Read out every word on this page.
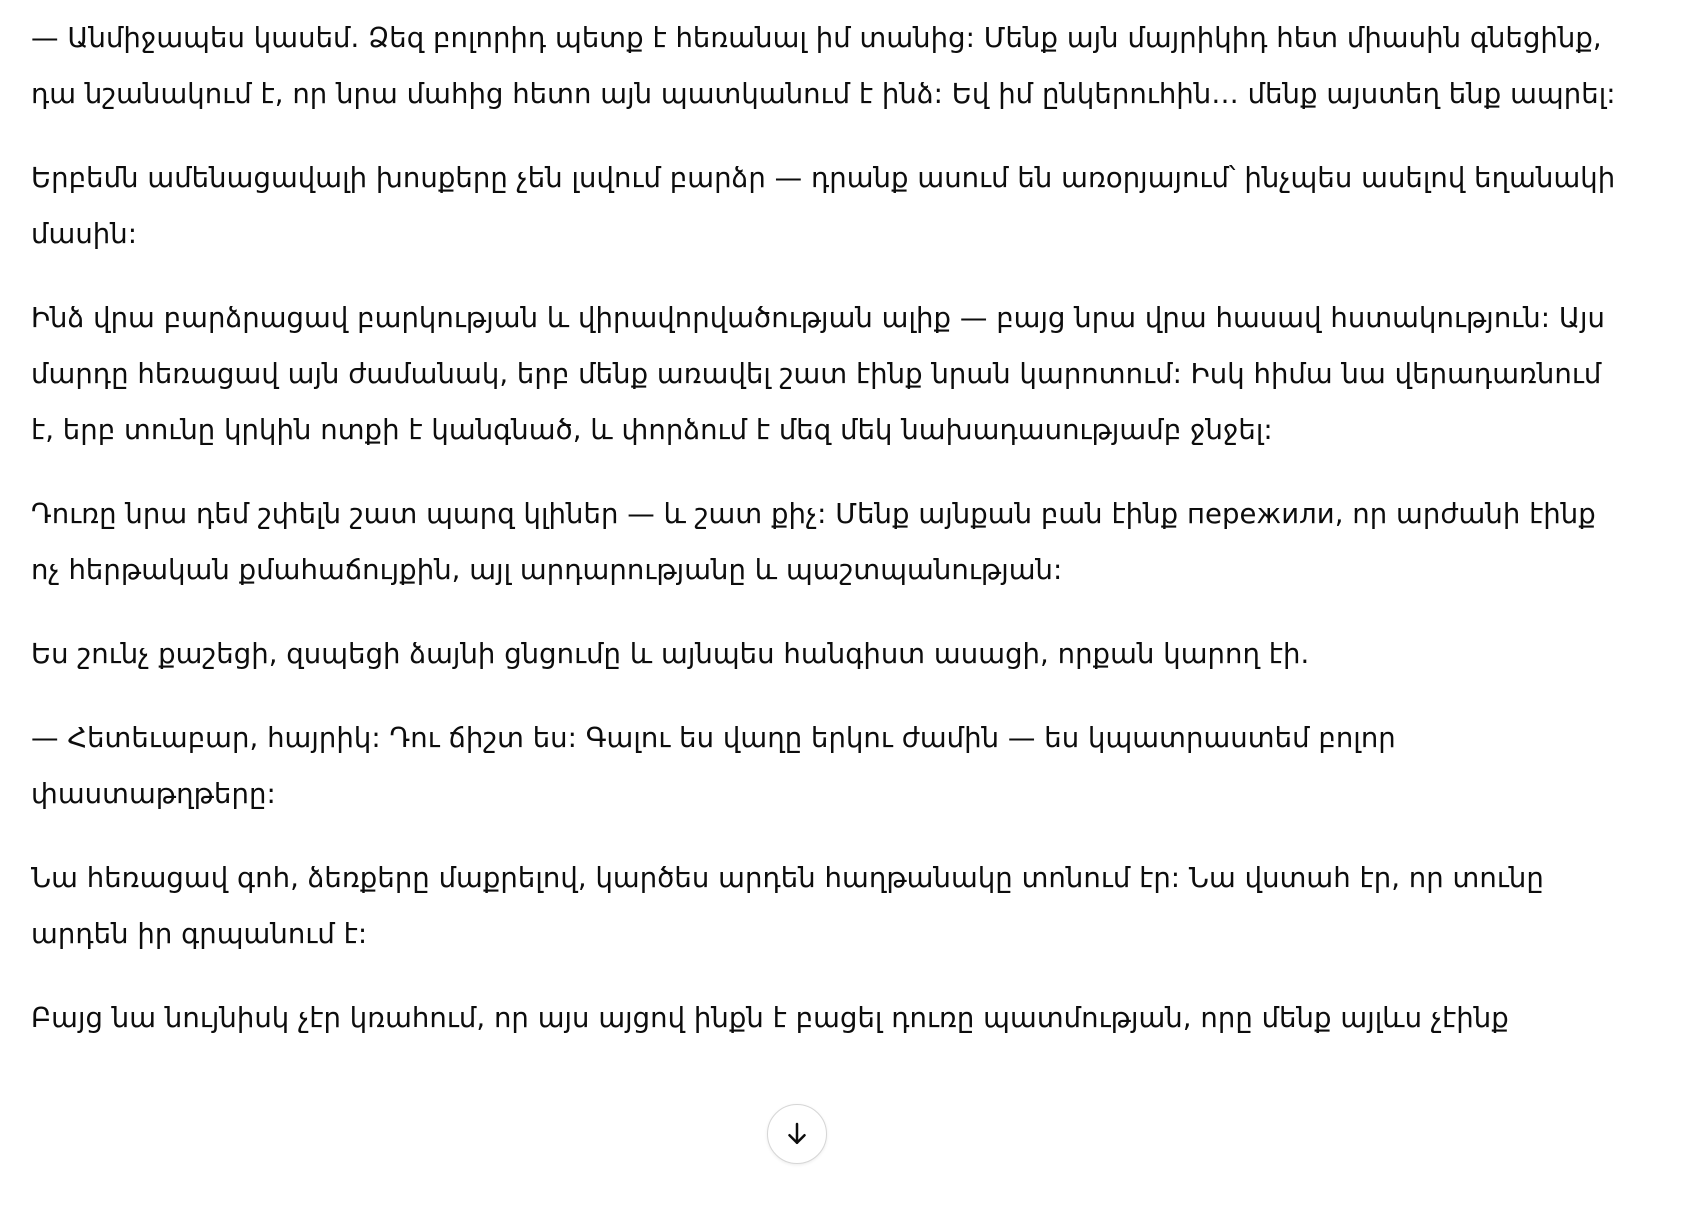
— Անմիջապես կասեմ. Ձեզ բոլորիդ պետք է հեռանալ իմ տանից: Մենք այն մայրիկիդ հետ միասին գնեցինք, դա նշանակում է, որ նրա մահից հետո այն պատկանում է ինձ: Եվ իմ ընկերուհին… մենք այստեղ ենք ապրել:

Երբեմն ամենացավալի խոսքերը չեն լսվում բարձր — դրանք ասում են առօրյայում՝ ինչպես ասելով եղանակի մասին:

Ինձ վրա բարձրացավ բարկության և վիրավորվածության ալիք — բայց նրա վրա հասավ հստակություն: Այս մարդը հեռացավ այն ժամանակ, երբ մենք առավել շատ էինք նրան կարոտում: Իսկ հիմա նա վերադառնում է, երբ տունը կրկին ոտքի է կանգնած, և փորձում է մեզ մեկ նախադասությամբ ջնջել:

Դուռը նրա դեմ շփելն շատ պարզ կլիներ — և շատ քիչ: Մենք այնքան բան էինք пережили, որ արժանի էինք ոչ հերթական քմահաճույքին, այլ արդարությանը և պաշտպանության:

Ես շունչ քաշեցի, զսպեցի ձայնի ցնցումը և այնպես հանգիստ ասացի, որքան կարող էի.

— Հետեւաբար, հայրիկ: Դու ճիշտ ես: Գալու ես վաղը երկու ժամին — ես կպատրաստեմ բոլոր փաստաթղթերը:

Նա հեռացավ գոհ, ձեռքերը մաքրելով, կարծես արդեն հաղթանակը տոնում էր: Նա վստահ էր, որ տունը արդեն իր գրպանում է:

Բայց նա նույնիսկ չէր կռահում, որ այս այցով ինքն է բացել դուռը պատմության, որը մենք այլևս չէինք
